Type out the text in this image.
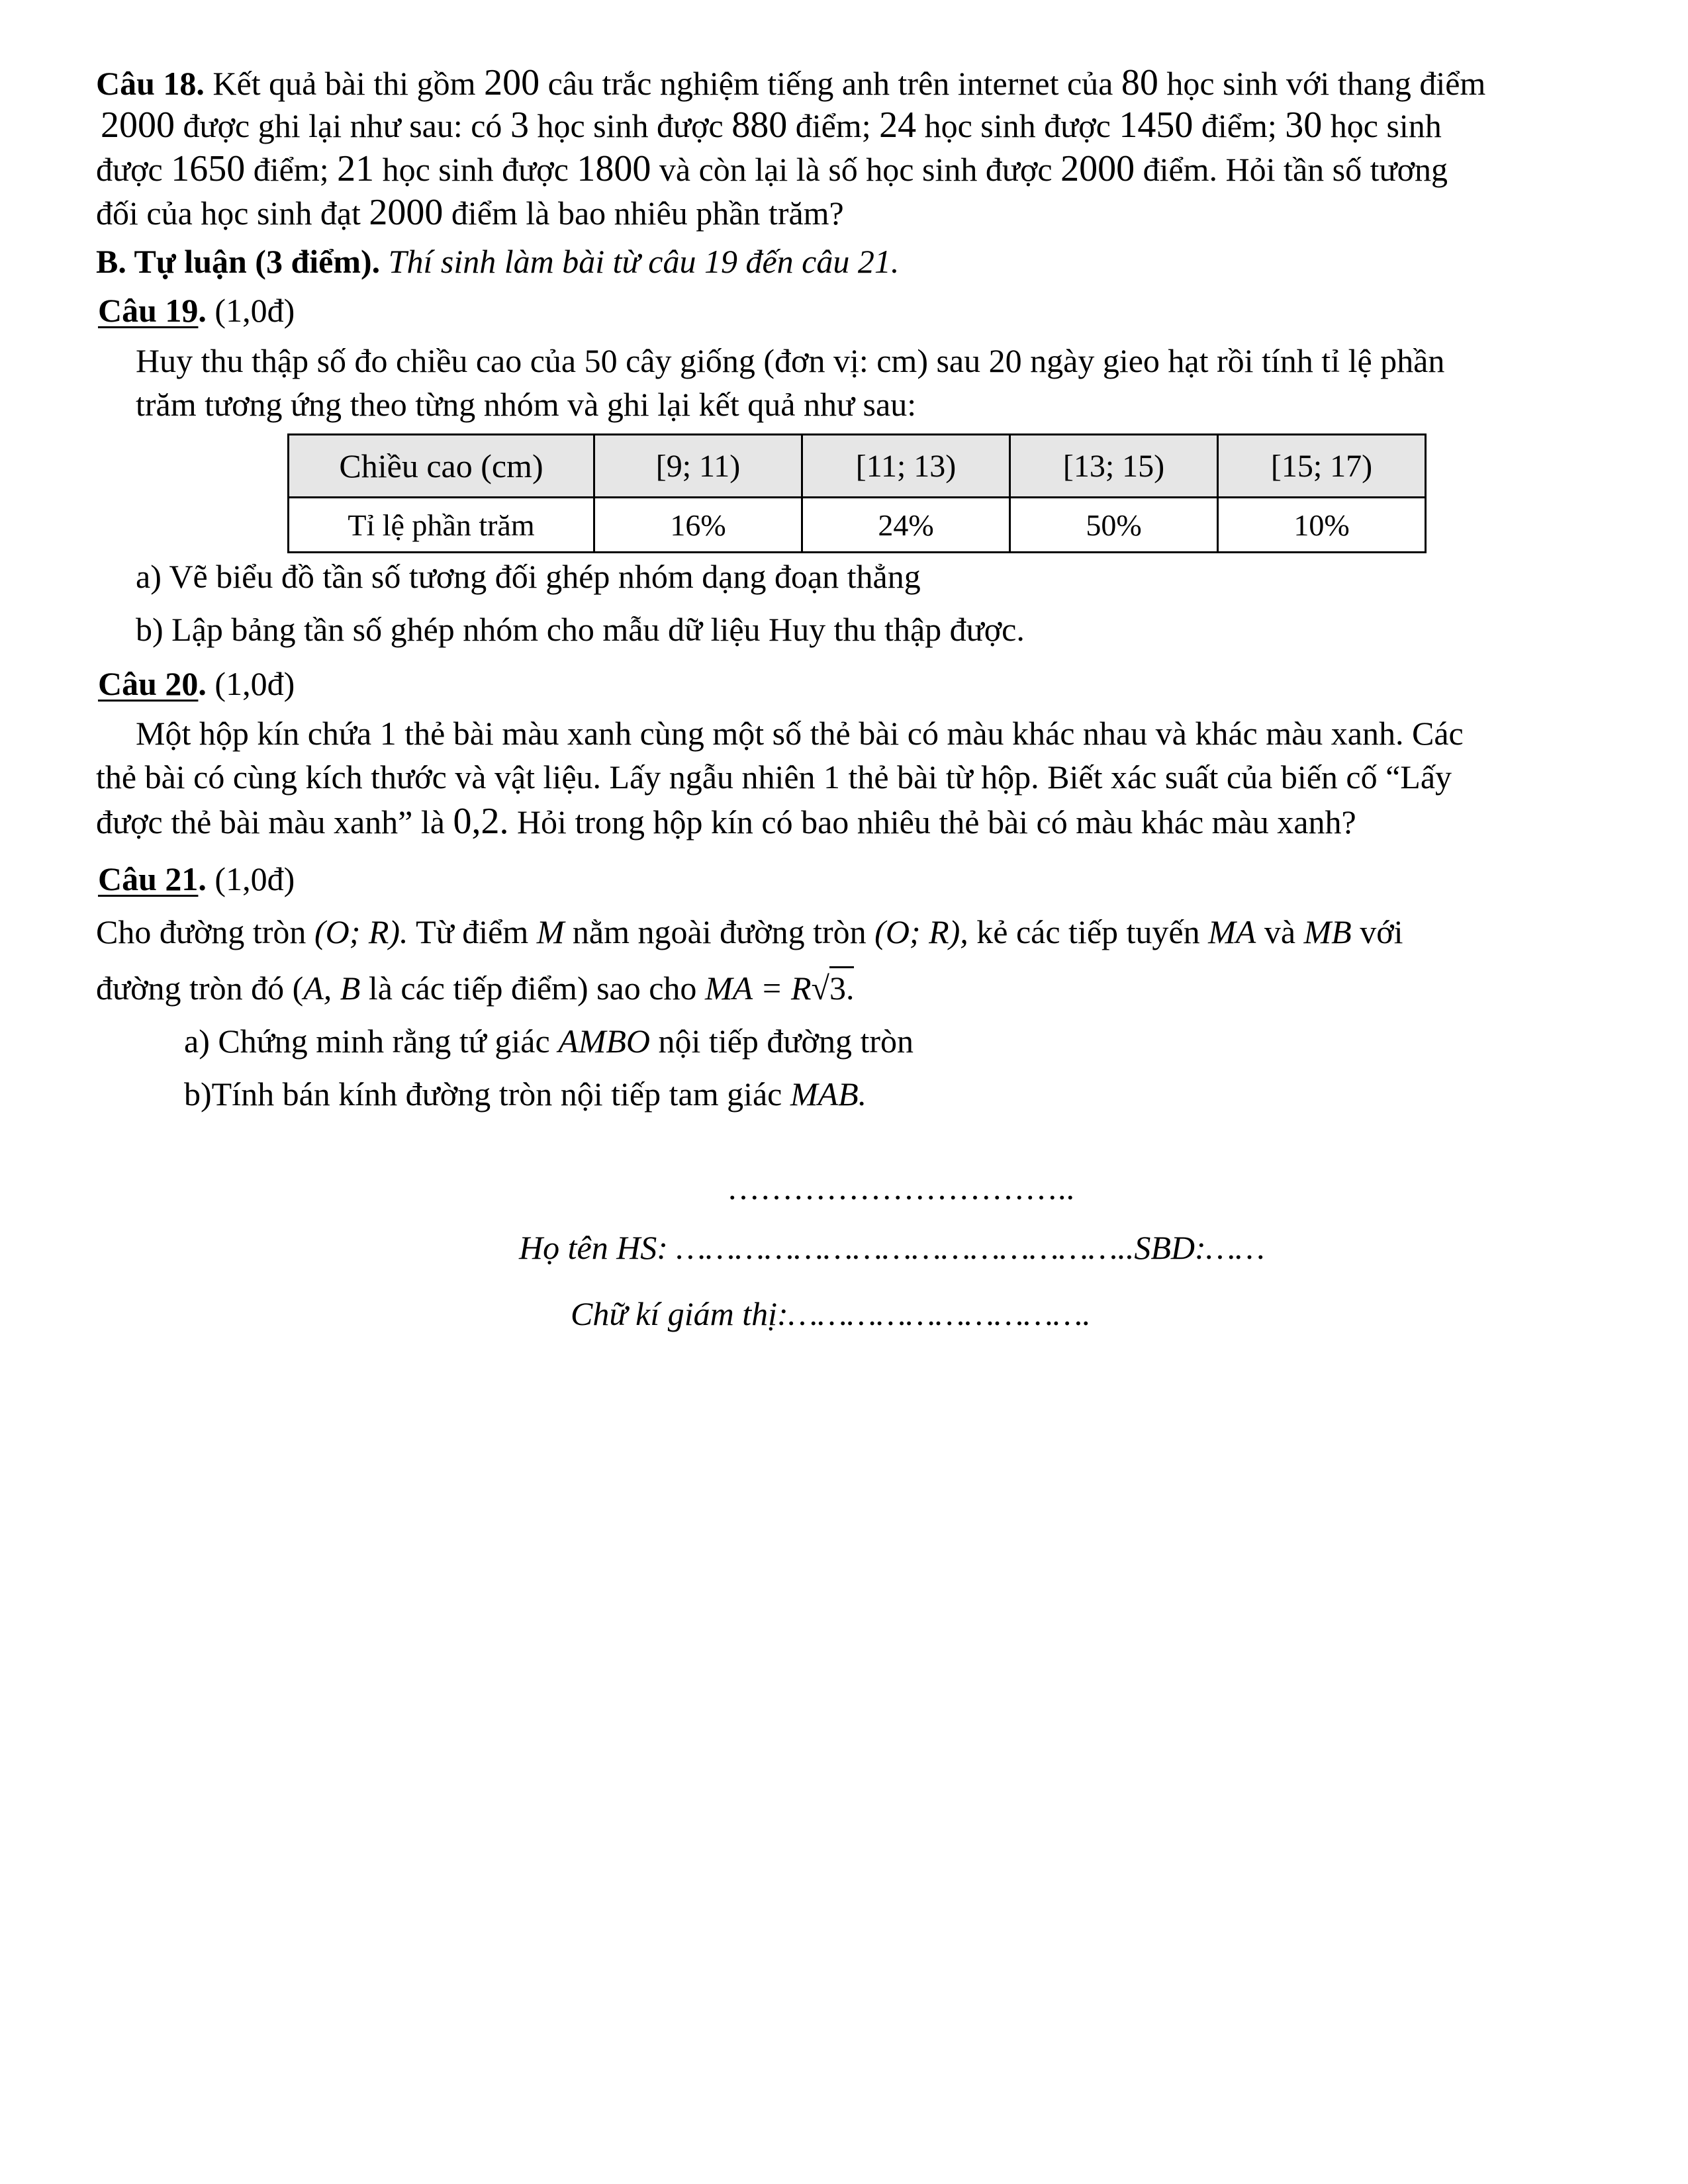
Câu 18. Kết quả bài thi gồm 200 câu trắc nghiệm tiếng anh trên internet của 80 học sinh với thang điểm
2000 được ghi lại như sau: có 3 học sinh được 880 điểm; 24 học sinh được 1450 điểm; 30 học sinh
được 1650 điểm; 21 học sinh được 1800 và còn lại là số học sinh được 2000 điểm. Hỏi tần số tương
đối của học sinh đạt 2000 điểm là bao nhiêu phần trăm?
B. Tự luận (3 điểm). Thí sinh làm bài từ câu 19 đến câu 21.
Câu 19. (1,0đ)
Huy thu thập số đo chiều cao của 50 cây giống (đơn vị: cm) sau 20 ngày gieo hạt rồi tính tỉ lệ phần
trăm tương ứng theo từng nhóm và ghi lại kết quả như sau:
Chiều cao (cm)	[9; 11)	[11; 13)	[13; 15)	[15; 17)
Tỉ lệ phần trăm	16%	24%	50%	10%
a) Vẽ biểu đồ tần số tương đối ghép nhóm dạng đoạn thẳng
b) Lập bảng tần số ghép nhóm cho mẫu dữ liệu Huy thu thập được.
Câu 20. (1,0đ)
Một hộp kín chứa 1 thẻ bài màu xanh cùng một số thẻ bài có màu khác nhau và khác màu xanh. Các
thẻ bài có cùng kích thước và vật liệu. Lấy ngẫu nhiên 1 thẻ bài từ hộp. Biết xác suất của biến cố “Lấy
được thẻ bài màu xanh” là 0,2. Hỏi trong hộp kín có bao nhiêu thẻ bài có màu khác màu xanh?
Câu 21. (1,0đ)
Cho đường tròn (O; R). Từ điểm M nằm ngoài đường tròn (O; R), kẻ các tiếp tuyến MA và MB với
đường tròn đó (A, B là các tiếp điểm) sao cho MA = R√3.
a) Chứng minh rằng tứ giác AMBO nội tiếp đường tròn
b)Tính bán kính đường tròn nội tiếp tam giác MAB.
…………………………..
Họ tên HS: ………………………………………..SBD:……
Chữ kí giám thị:………………………….
